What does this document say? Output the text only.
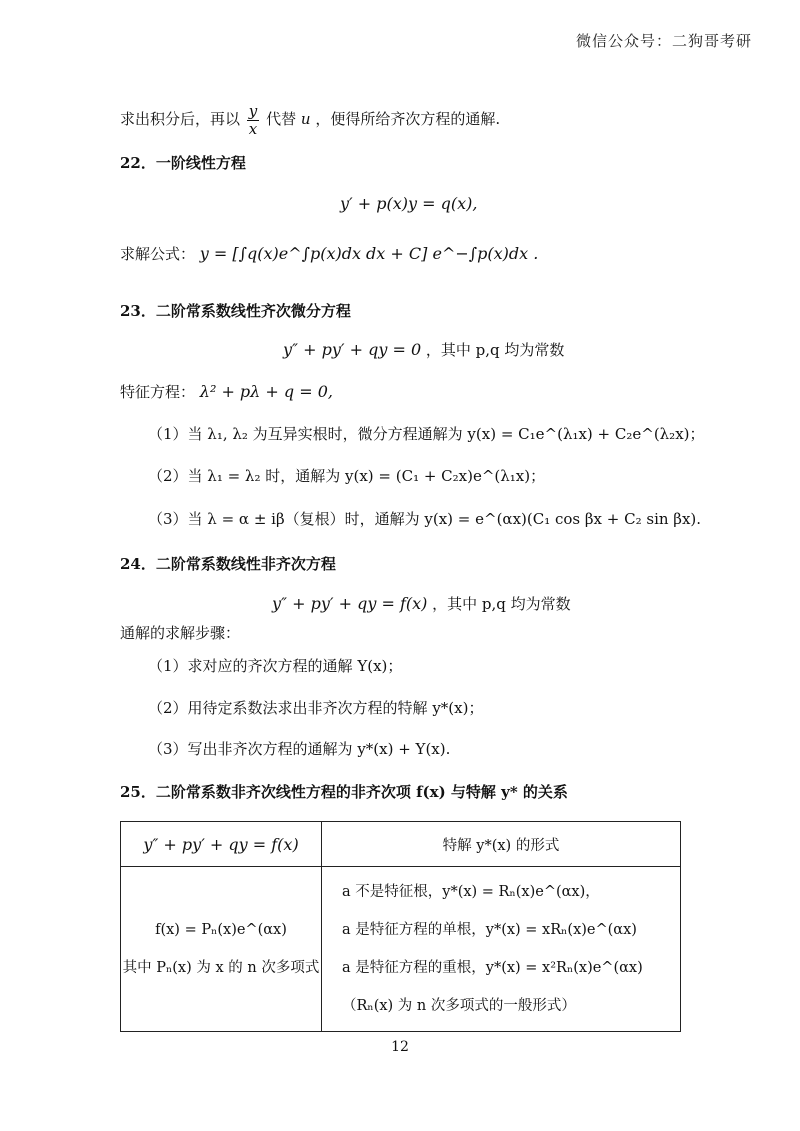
微信公众号：二狗哥考研
求出积分后，再以 $\frac{y}{x}$ 代替 u ，便得所给齐次方程的通解.
22．一阶线性方程
y′ + p(x)y = q(x),
求解公式： y = [∫q(x)e^∫p(x)dx dx + C] e^−∫p(x)dx .
23．二阶常系数线性齐次微分方程
y″ + py′ + qy = 0 ，其中 p,q 均为常数
特征方程： λ² + pλ + q = 0,
（1）当 λ₁, λ₂ 为互异实根时，微分方程通解为 y(x) = C₁e^(λ₁x) + C₂e^(λ₂x)；
（2）当 λ₁ = λ₂ 时，通解为 y(x) = (C₁ + C₂x)e^(λ₁x)；
（3）当 λ = α ± iβ（复根）时，通解为 y(x) = e^(αx)(C₁ cos βx + C₂ sin βx).
24．二阶常系数线性非齐次方程
y″ + py′ + qy = f(x) ，其中 p,q 均为常数
通解的求解步骤：
（1）求对应的齐次方程的通解 Y(x)；
（2）用待定系数法求出非齐次方程的特解 y*(x)；
（3）写出非齐次方程的通解为 y*(x) + Y(x).
25．二阶常系数非齐次线性方程的非齐次项 f(x) 与特解 y* 的关系
y″ + py′ + qy = f(x)	特解 y*(x) 的形式

f(x) = Pₙ(x)e^(αx)
其中 Pₙ(x) 为 x 的 n 次多项式	a 不是特征根，y*(x) = Rₙ(x)e^(αx)，
a 是特征方程的单根，y*(x) = xRₙ(x)e^(αx)
a 是特征方程的重根，y*(x) = x²Rₙ(x)e^(αx)
（Rₙ(x) 为 n 次多项式的一般形式）
12
